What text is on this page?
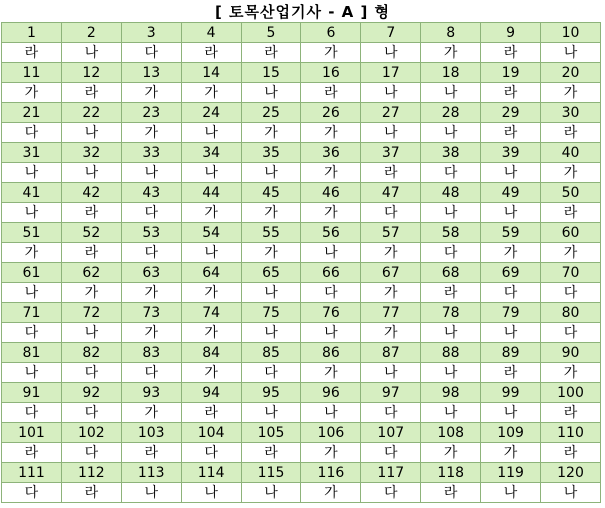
[ 토목산업기사 - A ] 형
1	2	3	4	5	6	7	8	9	10
라	나	다	라	라	가	나	가	라	나
11	12	13	14	15	16	17	18	19	20
가	라	가	가	나	라	나	나	라	가
21	22	23	24	25	26	27	28	29	30
다	나	가	나	가	가	나	나	라	라
31	32	33	34	35	36	37	38	39	40
나	나	나	나	나	가	라	다	나	가
41	42	43	44	45	46	47	48	49	50
나	라	다	가	가	가	다	나	나	라
51	52	53	54	55	56	57	58	59	60
가	라	다	나	가	나	가	다	가	가
61	62	63	64	65	66	67	68	69	70
나	가	가	가	나	다	가	라	다	다
71	72	73	74	75	76	77	78	79	80
다	나	가	가	나	나	가	나	나	다
81	82	83	84	85	86	87	88	89	90
나	다	다	가	다	가	나	나	라	가
91	92	93	94	95	96	97	98	99	100
다	다	가	라	나	나	다	나	나	라
101	102	103	104	105	106	107	108	109	110
라	다	라	다	라	가	다	가	가	라
111	112	113	114	115	116	117	118	119	120
다	라	나	나	나	가	다	라	나	나
